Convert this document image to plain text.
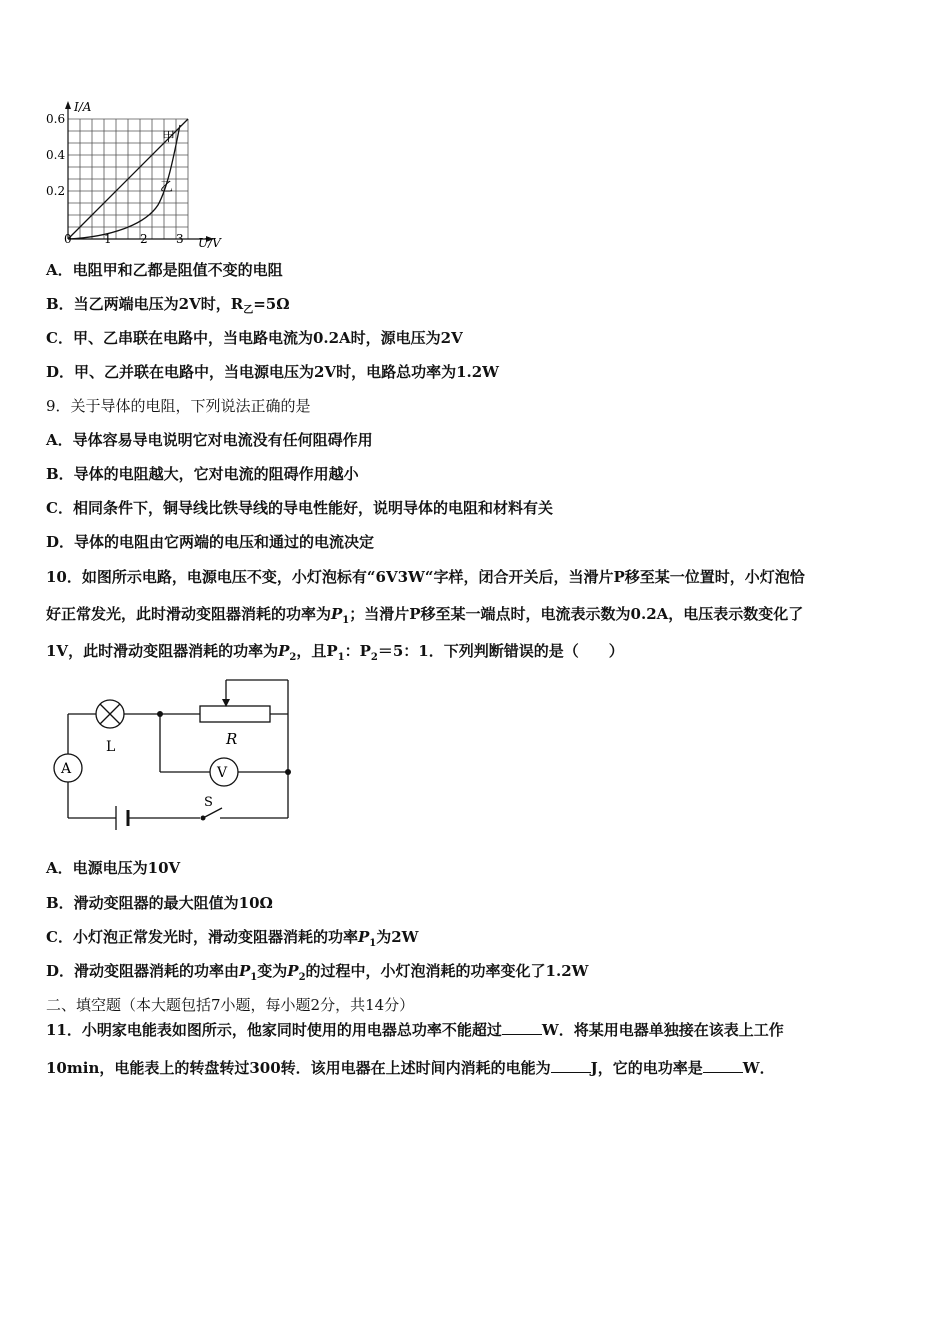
I/A
U/V
0.6
0.4
0.2
0	1 2 3
甲
乙
A．电阻甲和乙都是阻值不变的电阻
B．当乙两端电压为2V时，$R_乙=5\Omega$
C．甲、乙串联在电路中，当电路电流为0.2A时，源电压为2V
D．甲、乙并联在电路中，当电源电压为2V时，电路总功率为1.2W
9．关于导体的电阻，下列说法正确的是
A．导体容易导电说明它对电流没有任何阻碍作用
B．导体的电阻越大，它对电流的阻碍作用越小
C．相同条件下，铜导线比铁导线的导电性能好，说明导体的电阻和材料有关
D．导体的电阻由它两端的电压和通过的电流决定
10．如图所示电路，电源电压不变，小灯泡标有“6V3W“字样，闭合开关后，当滑片P移至某一位置时，小灯泡恰
好正常发光，此时滑动变阻器消耗的功率为$P_1$；当滑片P移至某一端点时，电流表示数为0.2A，电压表示数变化了
1V，此时滑动变阻器消耗的功率为$P_2$，且$P_1$：$P_2=5$：1．下列判断错误的是（　　）
A	V
L	R
S
A．电源电压为10V
B．滑动变阻器的最大阻值为10Ω
C．小灯泡正常发光时，滑动变阻器消耗的功率$P_1$为2W
D．滑动变阻器消耗的功率由$P_1$变为$P_2$的过程中，小灯泡消耗的功率变化了1.2W
二、填空题（本大题包括7小题，每小题2分，共14分）
11．小明家电能表如图所示，他家同时使用的用电器总功率不能超过	W．将某用电器单独接在该表上工作
10min，电能表上的转盘转过300转．该用电器在上述时间内消耗的电能为	J，它的电功率是	W．
